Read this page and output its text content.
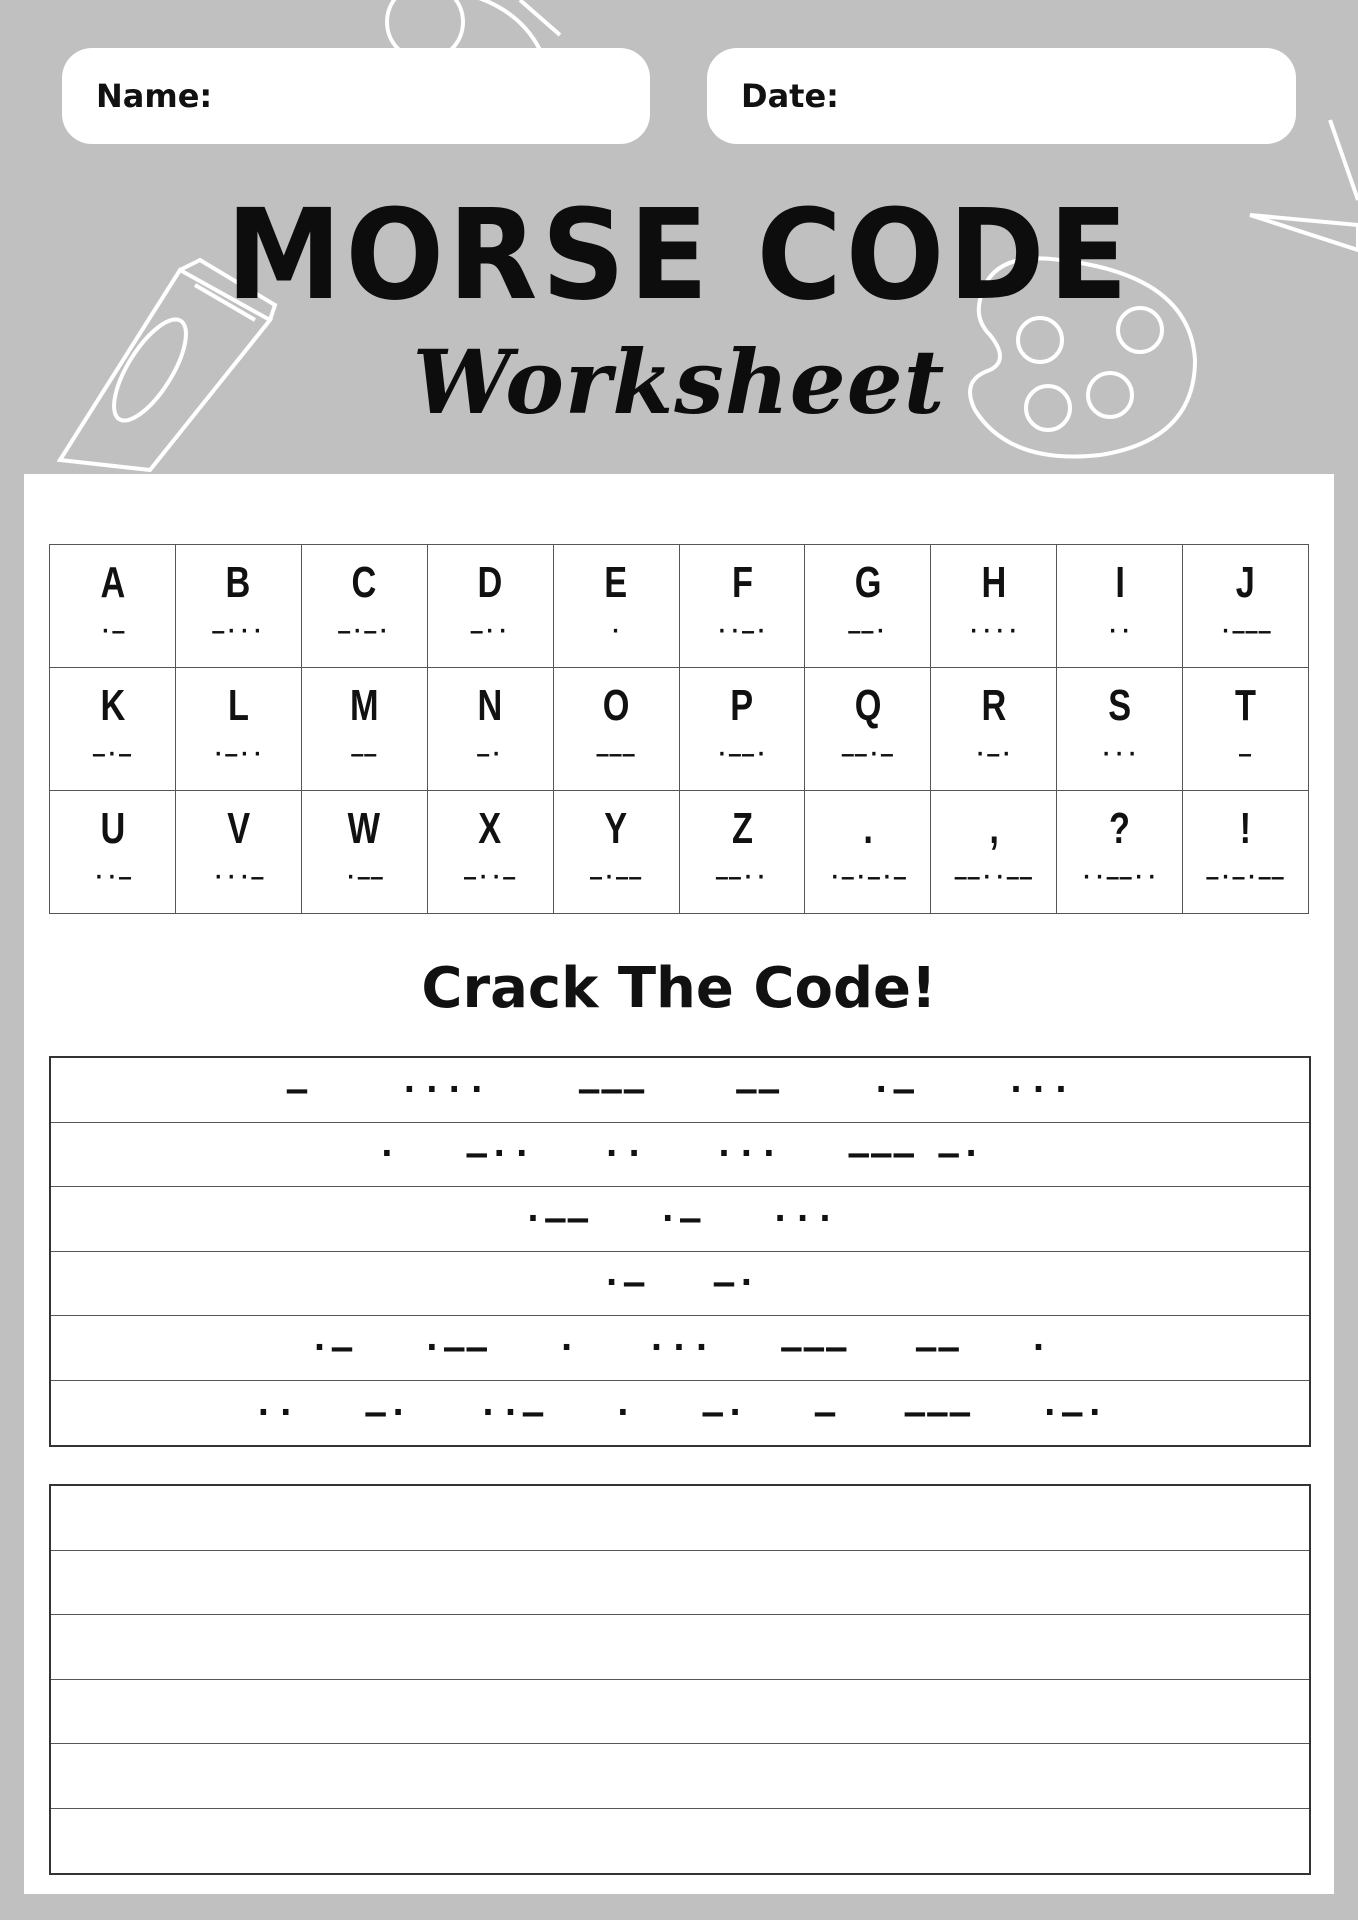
Name:	Date:
MORSE CODE
Worksheet
A
·—
B
—···
C
—·—·
D
—··
E
·
F
··—·
G
——·
H
····
I
··
J
·———
K
—·—
L
·—··
M
——
N
—·
O
———
P
·——·
Q
——·—
R
·—·
S
···
T
—
U
··—
V
···—
W
·——
X
—··—
Y
—·——
Z
——··
.
·—·—·—
,
——··——
?
··——··
!
—·—·——
Crack The Code!
—    ····    ———    ——    ·—    ···
·   —··   ··   ···   ——— —·
·——   ·—   ···
·—   —·
·—   ·——   ·   ···   ———   ——   ·
··   —·   ··—   ·   —·   —   ———   ·—·
